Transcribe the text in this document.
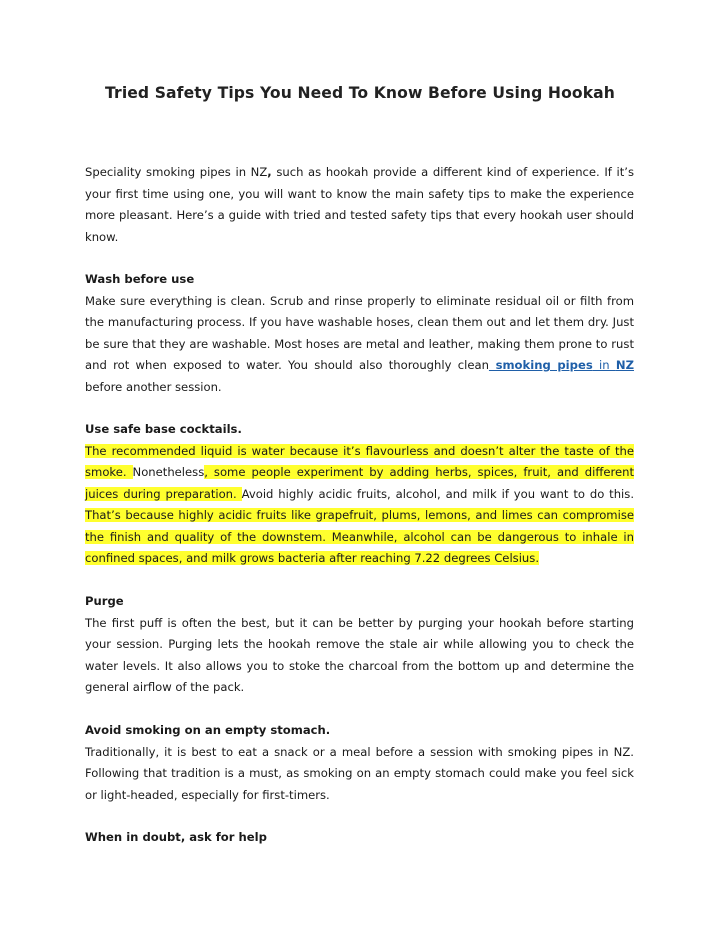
Tried Safety Tips You Need To Know Before Using Hookah

Speciality smoking pipes in NZ, such as hookah provide a different kind of experience. If it’s your first time using one, you will want to know the main safety tips to make the experience more pleasant. Here’s a guide with tried and tested safety tips that every hookah user should know.

Wash before use

Make sure everything is clean. Scrub and rinse properly to eliminate residual oil or filth from the manufacturing process. If you have washable hoses, clean them out and let them dry. Just be sure that they are washable. Most hoses are metal and leather, making them prone to rust and rot when exposed to water. You should also thoroughly clean smoking pipes in NZ before another session.

Use safe base cocktails.

The recommended liquid is water because it’s flavourless and doesn’t alter the taste of the smoke. Nonetheless, some people experiment by adding herbs, spices, fruit, and different juices during preparation. Avoid highly acidic fruits, alcohol, and milk if you want to do this. That’s because highly acidic fruits like grapefruit, plums, lemons, and limes can compromise the finish and quality of the downstem. Meanwhile, alcohol can be dangerous to inhale in confined spaces, and milk grows bacteria after reaching 7.22 degrees Celsius.

Purge

The first puff is often the best, but it can be better by purging your hookah before starting your session. Purging lets the hookah remove the stale air while allowing you to check the water levels. It also allows you to stoke the charcoal from the bottom up and determine the general airflow of the pack.

Avoid smoking on an empty stomach.

Traditionally, it is best to eat a snack or a meal before a session with smoking pipes in NZ. Following that tradition is a must, as smoking on an empty stomach could make you feel sick or light-headed, especially for first-timers.

When in doubt, ask for help
